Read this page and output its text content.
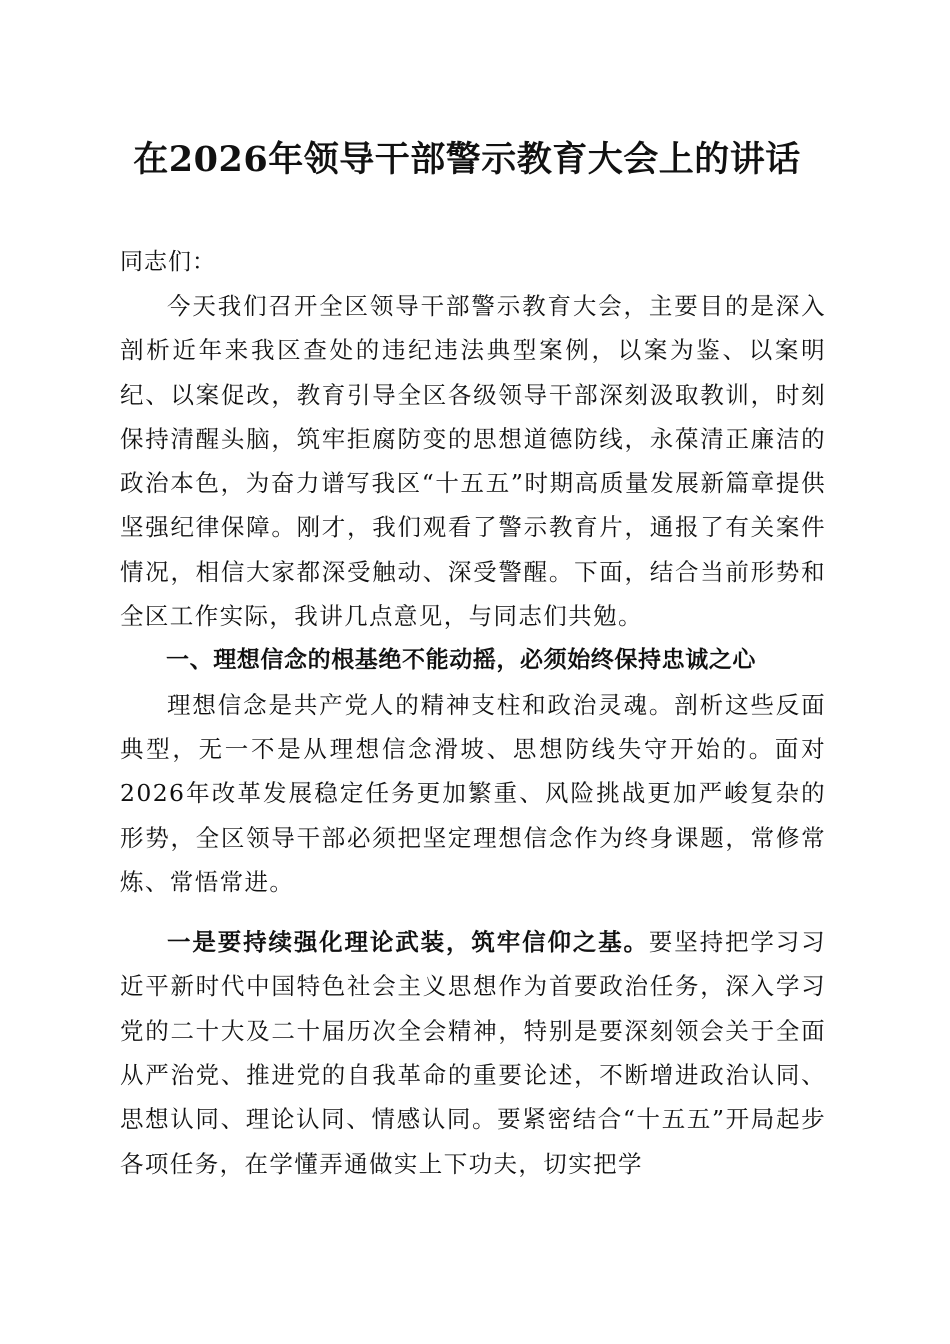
在2026年领导干部警示教育大会上的讲话

同志们：

今天我们召开全区领导干部警示教育大会，主要目的是深入剖析近年来我区查处的违纪违法典型案例，以案为鉴、以案明纪、以案促改，教育引导全区各级领导干部深刻汲取教训，时刻保持清醒头脑，筑牢拒腐防变的思想道德防线，永葆清正廉洁的政治本色，为奋力谱写我区“十五五”时期高质量发展新篇章提供坚强纪律保障。刚才，我们观看了警示教育片，通报了有关案件情况，相信大家都深受触动、深受警醒。下面，结合当前形势和全区工作实际，我讲几点意见，与同志们共勉。

一、理想信念的根基绝不能动摇，必须始终保持忠诚之心

理想信念是共产党人的精神支柱和政治灵魂。剖析这些反面典型，无一不是从理想信念滑坡、思想防线失守开始的。面对2026年改革发展稳定任务更加繁重、风险挑战更加严峻复杂的形势，全区领导干部必须把坚定理想信念作为终身课题，常修常炼、常悟常进。

一是要持续强化理论武装，筑牢信仰之基。要坚持把学习习近平新时代中国特色社会主义思想作为首要政治任务，深入学习党的二十大及二十届历次全会精神，特别是要深刻领会关于全面从严治党、推进党的自我革命的重要论述，不断增进政治认同、思想认同、理论认同、情感认同。要紧密结合“十五五”开局起步各项任务，在学懂弄通做实上下功夫，切实把学
